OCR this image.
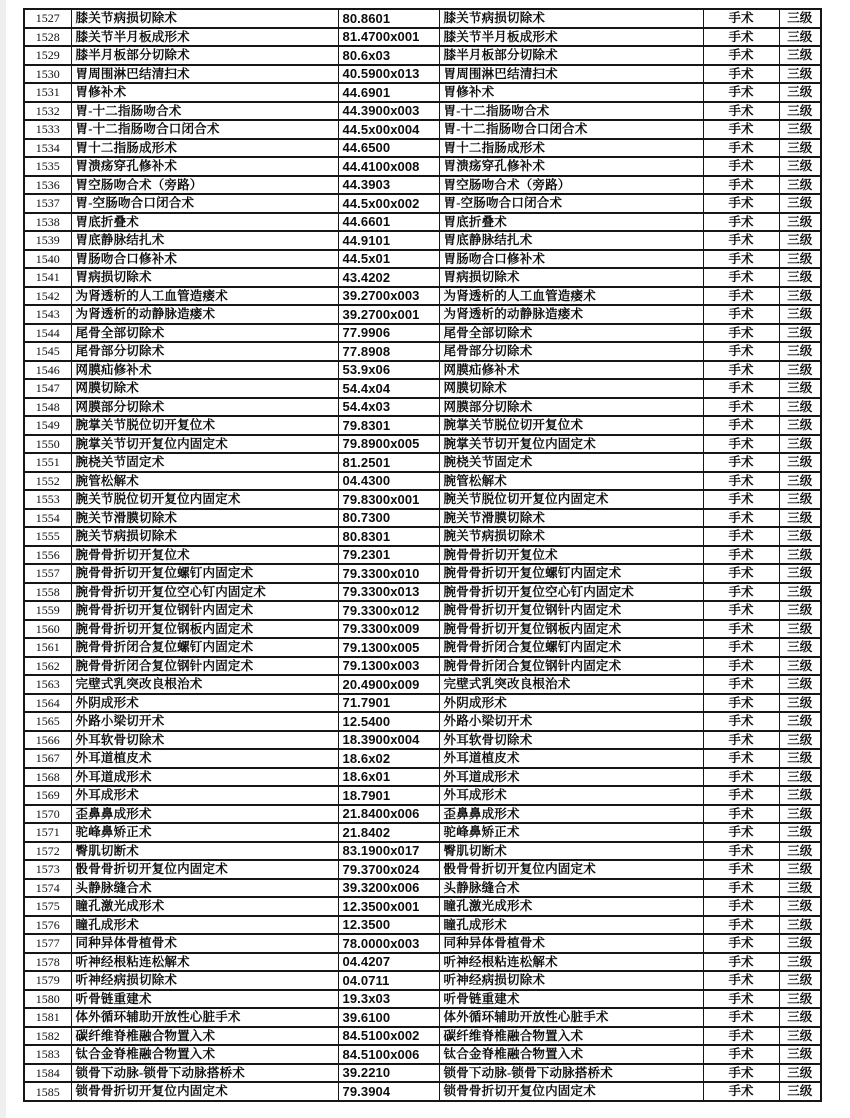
1527	膝关节病损切除术	80.8601	膝关节病损切除术	手术	三级
1528	膝关节半月板成形术	81.4700x001	膝关节半月板成形术	手术	三级
1529	膝半月板部分切除术	80.6x03	膝半月板部分切除术	手术	三级
1530	胃周围淋巴结清扫术	40.5900x013	胃周围淋巴结清扫术	手术	三级
1531	胃修补术	44.6901	胃修补术	手术	三级
1532	胃-十二指肠吻合术	44.3900x003	胃-十二指肠吻合术	手术	三级
1533	胃-十二指肠吻合口闭合术	44.5x00x004	胃-十二指肠吻合口闭合术	手术	三级
1534	胃十二指肠成形术	44.6500	胃十二指肠成形术	手术	三级
1535	胃溃疡穿孔修补术	44.4100x008	胃溃疡穿孔修补术	手术	三级
1536	胃空肠吻合术（旁路）	44.3903	胃空肠吻合术（旁路）	手术	三级
1537	胃-空肠吻合口闭合术	44.5x00x002	胃-空肠吻合口闭合术	手术	三级
1538	胃底折叠术	44.6601	胃底折叠术	手术	三级
1539	胃底静脉结扎术	44.9101	胃底静脉结扎术	手术	三级
1540	胃肠吻合口修补术	44.5x01	胃肠吻合口修补术	手术	三级
1541	胃病损切除术	43.4202	胃病损切除术	手术	三级
1542	为肾透析的人工血管造瘘术	39.2700x003	为肾透析的人工血管造瘘术	手术	三级
1543	为肾透析的动静脉造瘘术	39.2700x001	为肾透析的动静脉造瘘术	手术	三级
1544	尾骨全部切除术	77.9906	尾骨全部切除术	手术	三级
1545	尾骨部分切除术	77.8908	尾骨部分切除术	手术	三级
1546	网膜疝修补术	53.9x06	网膜疝修补术	手术	三级
1547	网膜切除术	54.4x04	网膜切除术	手术	三级
1548	网膜部分切除术	54.4x03	网膜部分切除术	手术	三级
1549	腕掌关节脱位切开复位术	79.8301	腕掌关节脱位切开复位术	手术	三级
1550	腕掌关节切开复位内固定术	79.8900x005	腕掌关节切开复位内固定术	手术	三级
1551	腕桡关节固定术	81.2501	腕桡关节固定术	手术	三级
1552	腕管松解术	04.4300	腕管松解术	手术	三级
1553	腕关节脱位切开复位内固定术	79.8300x001	腕关节脱位切开复位内固定术	手术	三级
1554	腕关节滑膜切除术	80.7300	腕关节滑膜切除术	手术	三级
1555	腕关节病损切除术	80.8301	腕关节病损切除术	手术	三级
1556	腕骨骨折切开复位术	79.2301	腕骨骨折切开复位术	手术	三级
1557	腕骨骨折切开复位螺钉内固定术	79.3300x010	腕骨骨折切开复位螺钉内固定术	手术	三级
1558	腕骨骨折切开复位空心钉内固定术	79.3300x013	腕骨骨折切开复位空心钉内固定术	手术	三级
1559	腕骨骨折切开复位钢针内固定术	79.3300x012	腕骨骨折切开复位钢针内固定术	手术	三级
1560	腕骨骨折切开复位钢板内固定术	79.3300x009	腕骨骨折切开复位钢板内固定术	手术	三级
1561	腕骨骨折闭合复位螺钉内固定术	79.1300x005	腕骨骨折闭合复位螺钉内固定术	手术	三级
1562	腕骨骨折闭合复位钢针内固定术	79.1300x003	腕骨骨折闭合复位钢针内固定术	手术	三级
1563	完壁式乳突改良根治术	20.4900x009	完壁式乳突改良根治术	手术	三级
1564	外阴成形术	71.7901	外阴成形术	手术	三级
1565	外路小梁切开术	12.5400	外路小梁切开术	手术	三级
1566	外耳软骨切除术	18.3900x004	外耳软骨切除术	手术	三级
1567	外耳道植皮术	18.6x02	外耳道植皮术	手术	三级
1568	外耳道成形术	18.6x01	外耳道成形术	手术	三级
1569	外耳成形术	18.7901	外耳成形术	手术	三级
1570	歪鼻鼻成形术	21.8400x006	歪鼻鼻成形术	手术	三级
1571	驼峰鼻矫正术	21.8402	驼峰鼻矫正术	手术	三级
1572	臀肌切断术	83.1900x017	臀肌切断术	手术	三级
1573	骰骨骨折切开复位内固定术	79.3700x024	骰骨骨折切开复位内固定术	手术	三级
1574	头静脉缝合术	39.3200x006	头静脉缝合术	手术	三级
1575	瞳孔激光成形术	12.3500x001	瞳孔激光成形术	手术	三级
1576	瞳孔成形术	12.3500	瞳孔成形术	手术	三级
1577	同种异体骨植骨术	78.0000x003	同种异体骨植骨术	手术	三级
1578	听神经根粘连松解术	04.4207	听神经根粘连松解术	手术	三级
1579	听神经病损切除术	04.0711	听神经病损切除术	手术	三级
1580	听骨链重建术	19.3x03	听骨链重建术	手术	三级
1581	体外循环辅助开放性心脏手术	39.6100	体外循环辅助开放性心脏手术	手术	三级
1582	碳纤维脊椎融合物置入术	84.5100x002	碳纤维脊椎融合物置入术	手术	三级
1583	钛合金脊椎融合物置入术	84.5100x006	钛合金脊椎融合物置入术	手术	三级
1584	锁骨下动脉-锁骨下动脉搭桥术	39.2210	锁骨下动脉-锁骨下动脉搭桥术	手术	三级
1585	锁骨骨折切开复位内固定术	79.3904	锁骨骨折切开复位内固定术	手术	三级
